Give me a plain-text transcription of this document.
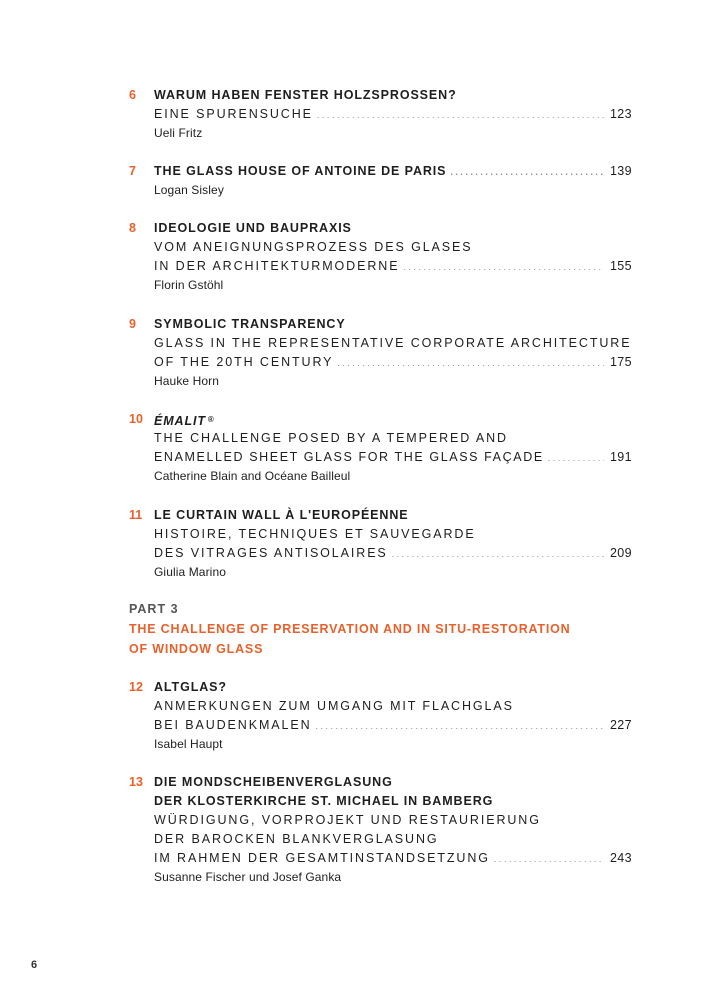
6	WARUM HABEN FENSTER HOLZSPROSSEN?
EINE SPURENSUCHE .....	123
Ueli Fritz
7	THE GLASS HOUSE OF ANTOINE DE PARIS .....	139
Logan Sisley
8	IDEOLOGIE UND BAUPRAXIS
VOM ANEIGNUNGSPROZESS DES GLASES
IN DER ARCHITEKTURMODERNE .....	155
Florin Gstöhl
9	SYMBOLIC TRANSPARENCY
GLASS IN THE REPRESENTATIVE CORPORATE ARCHITECTURE
OF THE 20TH CENTURY .....	175
Hauke Horn
10 ÉMALIT ®
THE CHALLENGE POSED BY A TEMPERED AND
ENAMELLED SHEET GLASS FOR THE GLASS FAÇADE .....	191
Catherine Blain and Océane Bailleul
11 LE CURTAIN WALL À L'EUROPÉENNE
HISTOIRE, TECHNIQUES ET SAUVEGARDE
DES VITRAGES ANTISOLAIRES .....	209
Giulia Marino
PART 3
THE CHALLENGE OF PRESERVATION AND IN SITU-RESTORATION
OF WINDOW GLASS
12 ALTGLAS?
ANMERKUNGEN ZUM UMGANG MIT FLACHGLAS
BEI BAUDENKMALEN .....	227
Isabel Haupt
13 DIE MONDSCHEIBENVERGLASUNG
DER KLOSTERKIRCHE ST. MICHAEL IN BAMBERG
WÜRDIGUNG, VORPROJEKT UND RESTAURIERUNG
DER BAROCKEN BLANKVERGLASUNG
IM RAHMEN DER GESAMTINSTANDSETZUNG .....	243
Susanne Fischer und Josef Ganka
6
